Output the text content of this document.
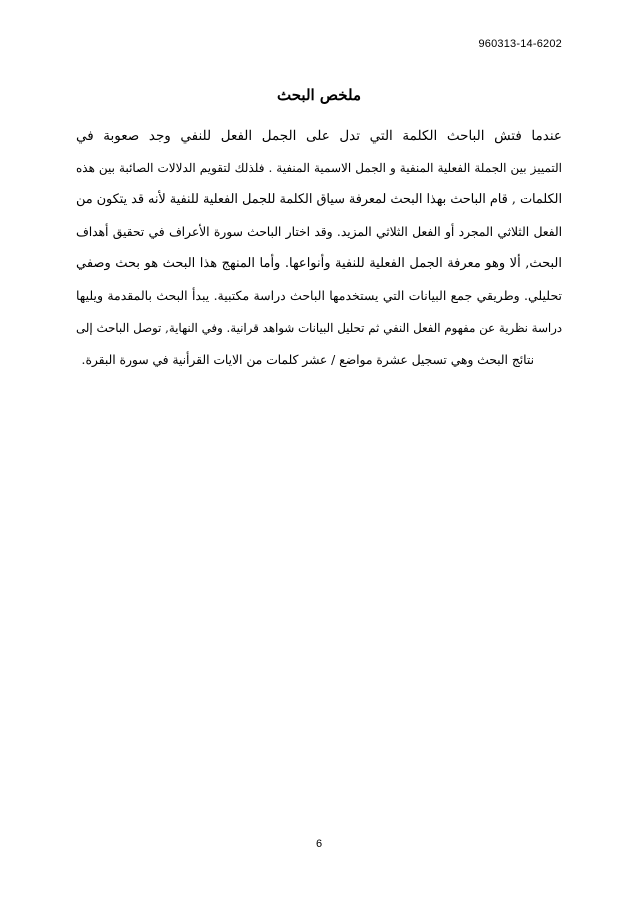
960313-14-6202
ملخص البحث
عندما فتش الباحث الكلمة التي تدل على الجمل الفعل للنفي وجد صعوبة في
التمييز بين الجملة الفعلية المنفية و الجمل الاسمية المنفية . فلذلك لتقويم الدلالات الصائبة بين هذه
الكلمات , قام الباحث بهذا البحث لمعرفة سياق الكلمة للجمل الفعلية للنفية لأنه قد يتكون من
الفعل الثلاثي المجرد أو الفعل الثلاثي المزيد. وقد اختار الباحث سورة الأعراف في تحقيق أهداف
البحث, ألا وهو معرفة الجمل الفعلية للنفية وأنواعها. وأما المنهج هذا البحث هو بحث وصفي
تحليلي. وطريقي جمع البيانات التي يستخدمها الباحث دراسة مكتبية. يبدأ البحث بالمقدمة ويليها
دراسة نظرية عن مفهوم الفعل النفي ثم تحليل البيانات شواهد قرانية. وفي النهاية, توصل الباحث إلى
نتائج البحث وهي تسجيل عشرة مواضع / عشر كلمات من الايات القرأنية في سورة البقرة.
6
